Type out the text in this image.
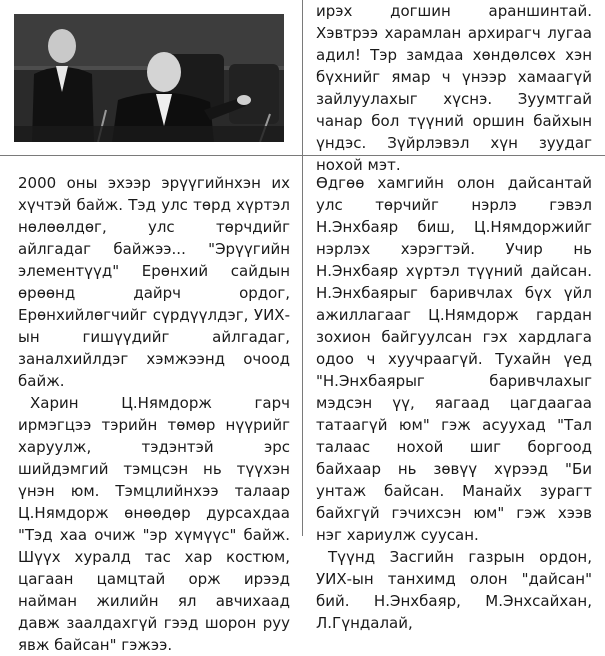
ирэх догшин араншинтай. Хэвтрээ харамлан архирагч лугаа адил! Тэр замдаа хөндөлсөх хэн бүхнийг ямар ч үнээр хамаагүй зайлуулахыг хүснэ. Зуумтгай чанар бол түүний оршин байхын үндэс. Зүйрлэвэл хүн зуудаг нохой мэт.

2000 оны эхээр эрүүгийнхэн их хүчтэй байж. Тэд улс төрд хүртэл нөлөөлдөг, улс төрчдийг айлгадаг байжээ... "Эрүүгийн элементүүд" Ерөнхий сайдын өрөөнд дайрч ордог, Ерөнхийлөгчийг сүрдүүлдэг, УИХ-ын гишүүдийг айлгадаг, заналхийлдэг хэмжээнд очоод байж.

Харин Ц.Нямдорж гарч ирмэгцээ тэрийн төмөр нүүрийг харуулж, тэдэнтэй эрс шийдэмгий тэмцсэн нь түүхэн үнэн юм. Тэмцлийнхээ талаар Ц.Нямдорж өнөөдөр дурсахдаа "Тэд хаа очиж "эр хүмүүс" байж. Шүүх хуралд тас хар костюм, цагаан цамцтай орж ирээд найман жилийн ял авчихаад давж заалдахгүй гээд шорон руу явж байсан" гэжээ.

Өдгөө хамгийн олон дайсантай улс төрчийг нэрлэ гэвэл Н.Энхбаяр биш, Ц.Нямдоржийг нэрлэх хэрэгтэй. Учир нь Н.Энхбаяр хүртэл түүний дайсан. Н.Энхбаярыг баривчлах бүх үйл ажиллагааг Ц.Нямдорж гардан зохион байгуулсан гэх хардлага одоо ч хуучраагүй. Тухайн үед "Н.Энхбаярыг баривчлахыг мэдсэн үү, яагаад цагдаагаа татаагүй юм" гэж асуухад "Тал талаас нохой шиг боргоод байхаар нь зөвүү хүрээд "Би унтаж байсан. Манайх зурагт байхгүй гэчихсэн юм" гэж хээв нэг хариулж суусан.

Түүнд Засгийн газрын ордон, УИХ-ын танхимд олон "дайсан" бий. Н.Энхбаяр, М.Энхсайхан, Л.Гүндалай,
